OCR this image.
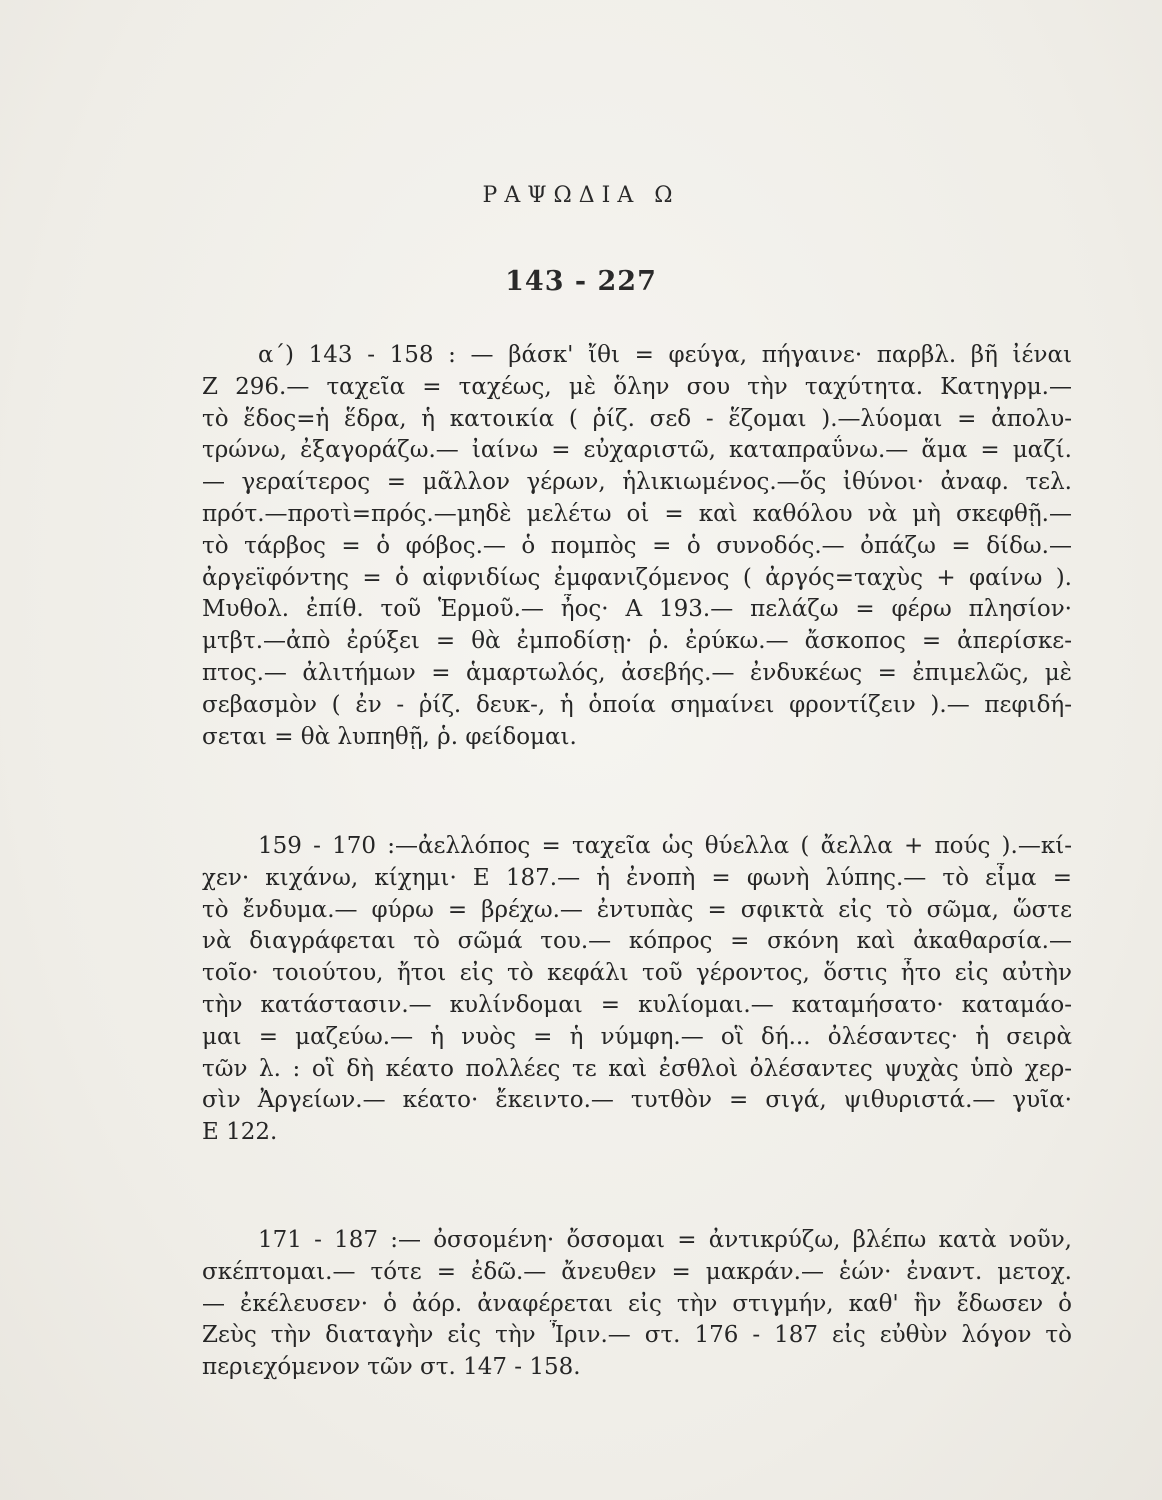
ΡΑΨΩΔΙΑ Ω
143 - 227
α΄) 143 - 158 : — βάσκ' ἴθι = φεύγα, πήγαινε· παρβλ. βῆ ἰέναι
Ζ 296.— ταχεῖα = ταχέως, μὲ ὅλην σου τὴν ταχύτητα. Κατηγρμ.—
τὸ ἕδος=ἡ ἕδρα, ἡ κατοικία ( ῥίζ. σεδ - ἕζομαι ).—λύομαι = ἀπολυ-
τρώνω, ἐξαγοράζω.— ἰαίνω = εὐχαριστῶ, καταπραΰνω.— ἅμα = μαζί.
— γεραίτερος = μᾶλλον γέρων, ἡλικιωμένος.—ὅς ἰθύνοι· ἀναφ. τελ.
πρότ.—προτὶ=πρός.—μηδὲ μελέτω οἱ = καὶ καθόλου νὰ μὴ σκεφθῇ.—
τὸ τάρβος = ὁ φόβος.— ὁ πομπὸς = ὁ συνοδός.— ὀπάζω = δίδω.—
ἀργεϊφόντης = ὁ αἰφνιδίως ἐμφανιζόμενος ( ἀργός=ταχὺς + φαίνω ).
Μυθολ. ἐπίθ. τοῦ Ἑρμοῦ.— ἦος· Α 193.— πελάζω = φέρω πλησίον·
μτβτ.—ἀπὸ ἐρύξει = θὰ ἐμποδίσῃ· ῥ. ἐρύκω.— ἄσκοπος = ἀπερίσκε-
πτος.— ἀλιτήμων = ἁμαρτωλός, ἀσεβής.— ἐνδυκέως = ἐπιμελῶς, μὲ
σεβασμὸν ( ἐν - ῥίζ. δευκ-, ἡ ὁποία σημαίνει φροντίζειν ).— πεφιδή-
σεται = θὰ λυπηθῇ, ῥ. φείδομαι.
159 - 170 :—ἀελλόπος = ταχεῖα ὡς θύελλα ( ἄελλα + πούς ).—κί-
χεν· κιχάνω, κίχημι· Ε 187.— ἡ ἐνοπὴ = φωνὴ λύπης.— τὸ εἶμα =
τὸ ἔνδυμα.— φύρω = βρέχω.— ἐντυπὰς = σφικτὰ εἰς τὸ σῶμα, ὥστε
νὰ διαγράφεται τὸ σῶμά του.— κόπρος = σκόνη καὶ ἀκαθαρσία.—
τοῖο· τοιούτου, ἤτοι εἰς τὸ κεφάλι τοῦ γέροντος, ὅστις ἦτο εἰς αὐτὴν
τὴν κατάστασιν.— κυλίνδομαι = κυλίομαι.— καταμήσατο· καταμάο-
μαι = μαζεύω.— ἡ νυὸς = ἡ νύμφη.— οἳ δή... ὀλέσαντες· ἡ σειρὰ
τῶν λ. : οἳ δὴ κέατο πολλέες τε καὶ ἐσθλοὶ ὀλέσαντες ψυχὰς ὑπὸ χερ-
σὶν Ἀργείων.— κέατο· ἔκειντο.— τυτθὸν = σιγά, ψιθυριστά.— γυῖα·
Ε 122.
171 - 187 :— ὀσσομένη· ὄσσομαι = ἀντικρύζω, βλέπω κατὰ νοῦν,
σκέπτομαι.— τότε = ἐδῶ.— ἄνευθεν = μακράν.— ἑών· ἐναντ. μετοχ.
— ἐκέλευσεν· ὁ ἀόρ. ἀναφέρεται εἰς τὴν στιγμήν, καθ' ἣν ἔδωσεν ὁ
Ζεὺς τὴν διαταγὴν εἰς τὴν Ἶριν.— στ. 176 - 187 εἰς εὐθὺν λόγον τὸ
περιεχόμενον τῶν στ. 147 - 158.
